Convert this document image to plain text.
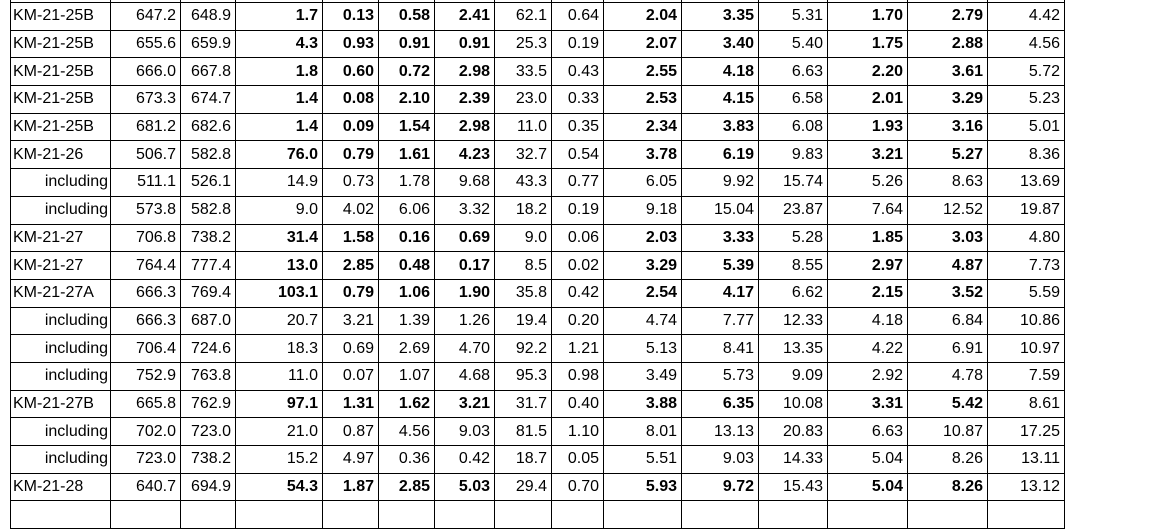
KM-21-25B	647.2	648.9	1.7	0.13	0.58	2.41	62.1	0.64	2.04	3.35	5.31	1.70	2.79	4.42
KM-21-25B	655.6	659.9	4.3	0.93	0.91	0.91	25.3	0.19	2.07	3.40	5.40	1.75	2.88	4.56
KM-21-25B	666.0	667.8	1.8	0.60	0.72	2.98	33.5	0.43	2.55	4.18	6.63	2.20	3.61	5.72
KM-21-25B	673.3	674.7	1.4	0.08	2.10	2.39	23.0	0.33	2.53	4.15	6.58	2.01	3.29	5.23
KM-21-25B	681.2	682.6	1.4	0.09	1.54	2.98	11.0	0.35	2.34	3.83	6.08	1.93	3.16	5.01
KM-21-26	506.7	582.8	76.0	0.79	1.61	4.23	32.7	0.54	3.78	6.19	9.83	3.21	5.27	8.36
including	511.1	526.1	14.9	0.73	1.78	9.68	43.3	0.77	6.05	9.92	15.74	5.26	8.63	13.69
including	573.8	582.8	9.0	4.02	6.06	3.32	18.2	0.19	9.18	15.04	23.87	7.64	12.52	19.87
KM-21-27	706.8	738.2	31.4	1.58	0.16	0.69	9.0	0.06	2.03	3.33	5.28	1.85	3.03	4.80
KM-21-27	764.4	777.4	13.0	2.85	0.48	0.17	8.5	0.02	3.29	5.39	8.55	2.97	4.87	7.73
KM-21-27A	666.3	769.4	103.1	0.79	1.06	1.90	35.8	0.42	2.54	4.17	6.62	2.15	3.52	5.59
including	666.3	687.0	20.7	3.21	1.39	1.26	19.4	0.20	4.74	7.77	12.33	4.18	6.84	10.86
including	706.4	724.6	18.3	0.69	2.69	4.70	92.2	1.21	5.13	8.41	13.35	4.22	6.91	10.97
including	752.9	763.8	11.0	0.07	1.07	4.68	95.3	0.98	3.49	5.73	9.09	2.92	4.78	7.59
KM-21-27B	665.8	762.9	97.1	1.31	1.62	3.21	31.7	0.40	3.88	6.35	10.08	3.31	5.42	8.61
including	702.0	723.0	21.0	0.87	4.56	9.03	81.5	1.10	8.01	13.13	20.83	6.63	10.87	17.25
including	723.0	738.2	15.2	4.97	0.36	0.42	18.7	0.05	5.51	9.03	14.33	5.04	8.26	13.11
KM-21-28	640.7	694.9	54.3	1.87	2.85	5.03	29.4	0.70	5.93	9.72	15.43	5.04	8.26	13.12
